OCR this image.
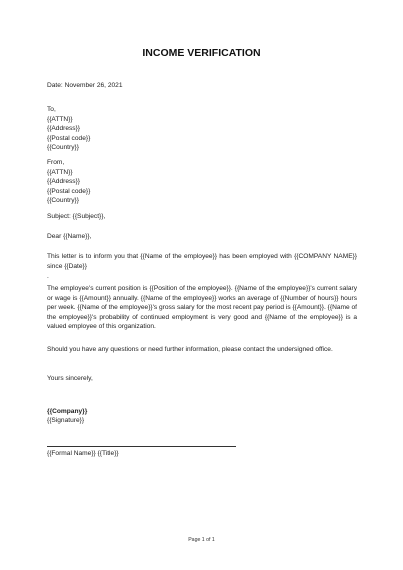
INCOME VERIFICATION
Date: November 26, 2021
To,
{{ATTN}}
{{Address}}
{{Postal code}}
{{Country}}
From,
{{ATTN}}
{{Address}}
{{Postal code}}
{{Country}}
Subject: {{Subject}},
Dear {{Name}},
This letter is to inform you that {{Name of the employee}} has been employed with {{COMPANY NAME}} since {{Date}}
.
The employee's current position is {{Position of the employee}}. {{Name of the employee}}'s current salary or wage is {{Amount}} annually. {{Name of the employee}} works an average of {{Number of hours}} hours per week. {{Name of the employee}}'s gross salary for the most recent pay period is {{Amount}}. {{Name of the employee}}'s probability of continued employment is very good and {{Name of the employee}} is a valued employee of this organization.
Should you have any questions or need further information, please contact the undersigned office.
Yours sincerely,
{{Company}}
{{Signature}}
{{Formal Name}} {{Title}}
Page 1 of 1
